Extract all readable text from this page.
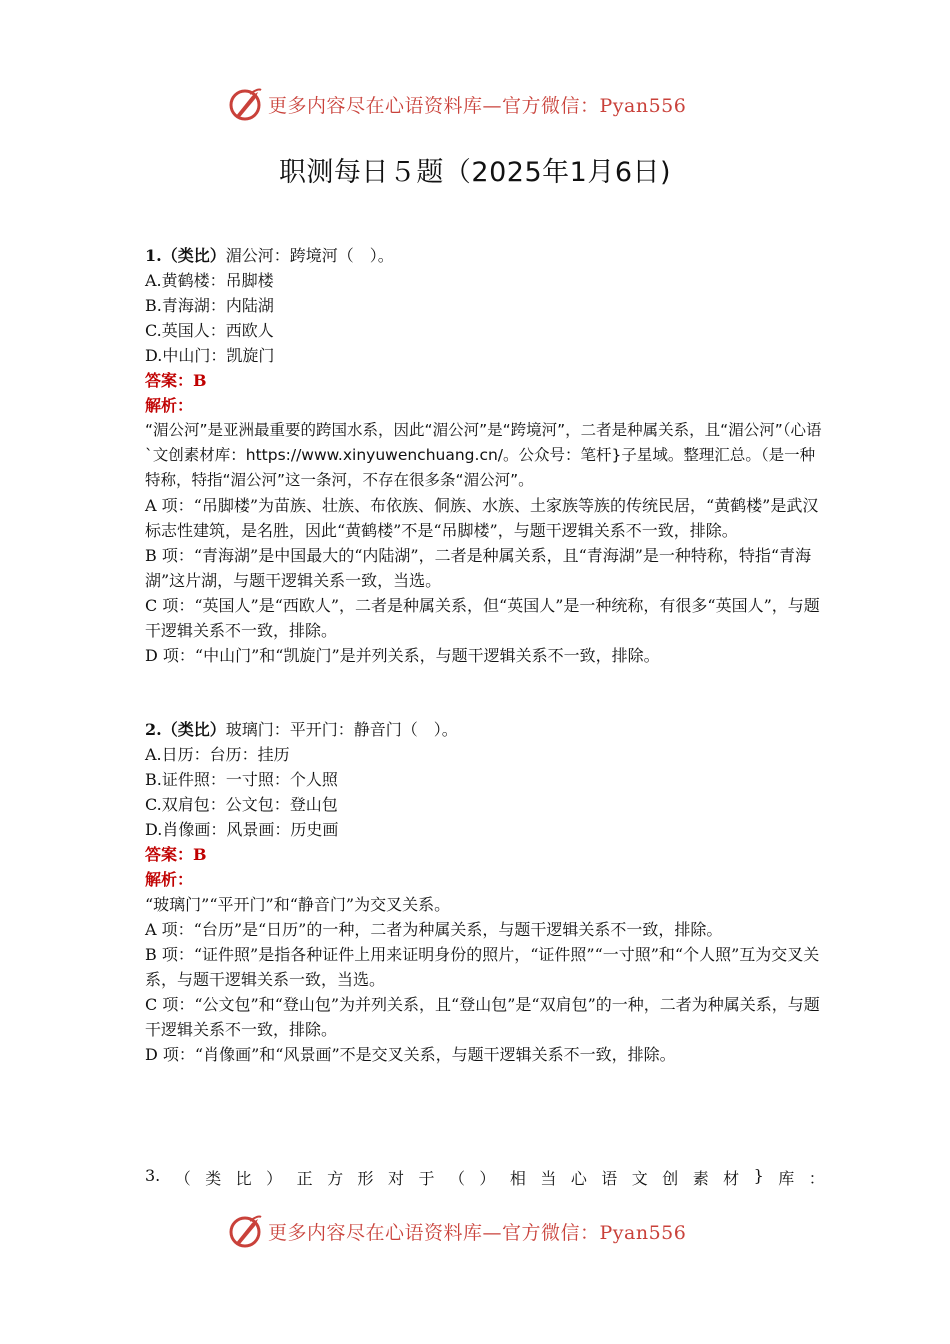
更多内容尽在心语资料库—官方微信：Pyan556
职测每日５题（2025年1月6日)

1.（类比）湄公河：跨境河（　）。

A.黄鹤楼：吊脚楼

B.青海湖：内陆湖

C.英国人：西欧人

D.中山门：凯旋门

答案：B

解析：

“湄公河”是亚洲最重要的跨国水系，因此“湄公河”是“跨境河”，二者是种属关系，且“湄公河”（心语`文创素材库：https://www.xinyuwenchuang.cn/。公众号：笔杆}子星域。整理汇总。（是一种特称，特指“湄公河”这一条河，不存在很多条“湄公河”。

A 项：“吊脚楼”为苗族、壮族、布依族、侗族、水族、土家族等族的传统民居，“黄鹤楼”是武汉标志性建筑，是名胜，因此“黄鹤楼”不是“吊脚楼”，与题干逻辑关系不一致，排除。

B 项：“青海湖”是中国最大的“内陆湖”，二者是种属关系，且“青海湖”是一种特称，特指“青海湖”这片湖，与题干逻辑关系一致，当选。

C 项：“英国人”是“西欧人”，二者是种属关系，但“英国人”是一种统称，有很多“英国人”，与题干逻辑关系不一致，排除。

D 项：“中山门”和“凯旋门”是并列关系，与题干逻辑关系不一致，排除。

2.（类比）玻璃门：平开门：静音门（　）。

A.日历：台历：挂历

B.证件照：一寸照：个人照

C.双肩包：公文包：登山包

D.肖像画：风景画：历史画

答案：B

解析：

“玻璃门”“平开门”和“静音门”为交叉关系。

A 项：“台历”是“日历”的一种，二者为种属关系，与题干逻辑关系不一致，排除。

B 项：“证件照”是指各种证件上用来证明身份的照片，“证件照”“一寸照”和“个人照”互为交叉关系，与题干逻辑关系一致，当选。

C 项：“公文包”和“登山包”为并列关系，且“登山包”是“双肩包”的一种，二者为种属关系，与题干逻辑关系不一致，排除。

D 项：“肖像画”和“风景画”不是交叉关系，与题干逻辑关系不一致，排除。

3. （ 类 比 ） 正 方 形 对 于 （ ） 相 当 心 语 文 创 素 材 } 库 ：
更多内容尽在心语资料库—官方微信：Pyan556
